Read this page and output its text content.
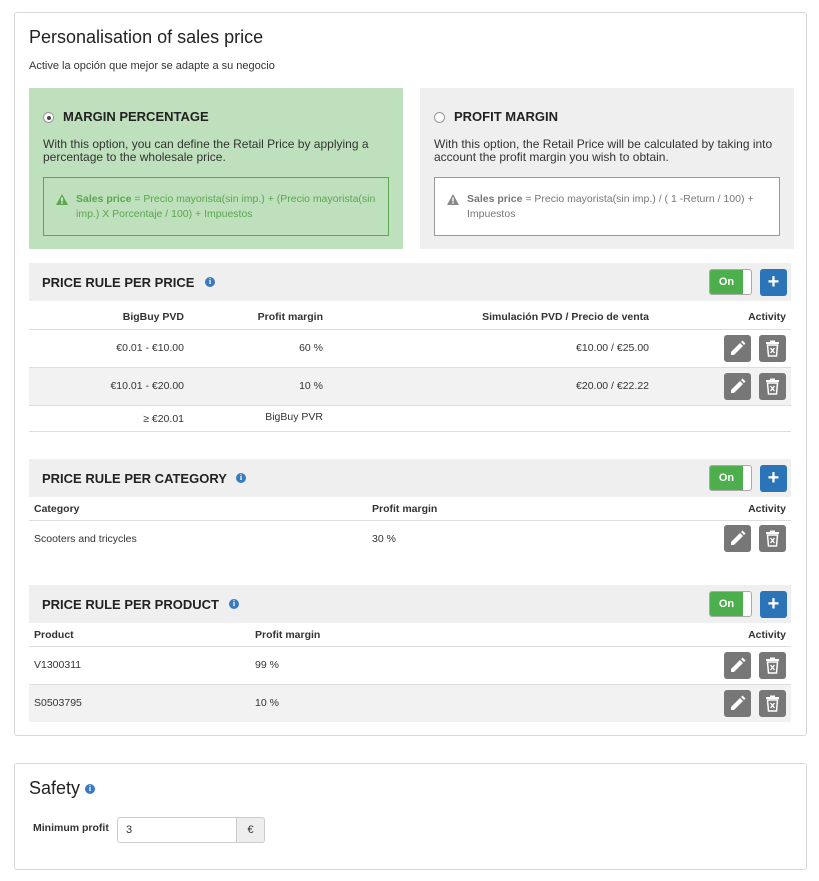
Personalisation of sales price
Active la opción que mejor se adapte a su negocio
MARGIN PERCENTAGE
With this option, you can define the Retail Price by applying a percentage to the wholesale price.
Sales price = Precio mayorista(sin imp.) + (Precio mayorista(sin imp.) X Porcentaje / 100) + Impuestos
PROFIT MARGIN
With this option, the Retail Price will be calculated by taking into account the profit margin you wish to obtain.
Sales price = Precio mayorista(sin imp.) / ( 1 -Return / 100) + Impuestos
PRICE RULE PER PRICE	i	On	+
BigBuy PVD	Profit margin	Simulación PVD / Precio de venta	Activity
€0.01 - €10.00	60 %	€10.00 / €25.00
€10.01 - €20.00	10 %	€20.00 / €22.22
≥ €20.01	BigBuy PVR
PRICE RULE PER CATEGORY	i	On	+
Category	Profit margin	Activity
Scooters and tricycles	30 %
PRICE RULE PER PRODUCT	i	On	+
Product	Profit margin	Activity
V1300311	99 %
S0503795	10 %
Safety	i
Minimum profit
3	€
